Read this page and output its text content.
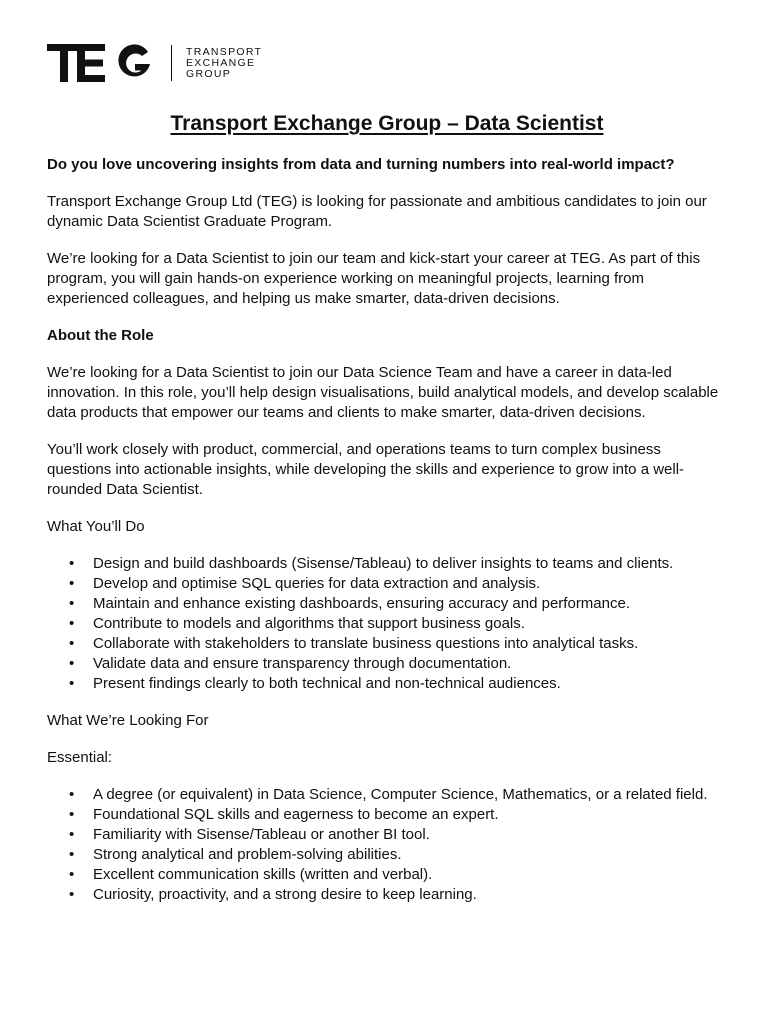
TRANSPORT
EXCHANGE
GROUP
Transport Exchange Group – Data Scientist

Do you love uncovering insights from data and turning numbers into real-world impact?

Transport Exchange Group Ltd (TEG) is looking for passionate and ambitious candidates to join our dynamic Data Scientist Graduate Program.

We’re looking for a Data Scientist to join our team and kick-start your career at TEG. As part of this program, you will gain hands-on experience working on meaningful projects, learning from experienced colleagues, and helping us make smarter, data-driven decisions.

About the Role

We’re looking for a Data Scientist to join our Data Science Team and have a career in data-led innovation. In this role, you’ll help design visualisations, build analytical models, and develop scalable data products that empower our teams and clients to make smarter, data-driven decisions.

You’ll work closely with product, commercial, and operations teams to turn complex business questions into actionable insights, while developing the skills and experience to grow into a well-rounded Data Scientist.

What You’ll Do

• Design and build dashboards (Sisense/Tableau) to deliver insights to teams and clients.
• Develop and optimise SQL queries for data extraction and analysis.
• Maintain and enhance existing dashboards, ensuring accuracy and performance.
• Contribute to models and algorithms that support business goals.
• Collaborate with stakeholders to translate business questions into analytical tasks.
• Validate data and ensure transparency through documentation.
• Present findings clearly to both technical and non-technical audiences.

What We’re Looking For

Essential:

• A degree (or equivalent) in Data Science, Computer Science, Mathematics, or a related field.
• Foundational SQL skills and eagerness to become an expert.
• Familiarity with Sisense/Tableau or another BI tool.
• Strong analytical and problem-solving abilities.
• Excellent communication skills (written and verbal).
• Curiosity, proactivity, and a strong desire to keep learning.
